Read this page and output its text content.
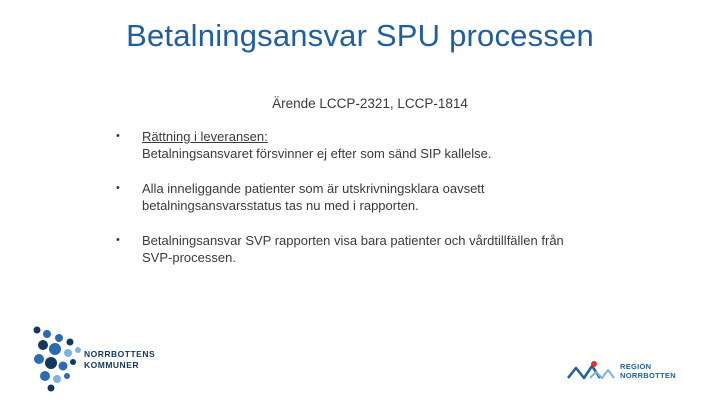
Betalningsansvar SPU processen
Ärende LCCP-2321, LCCP-1814
•	Rättning i leveransen:
Betalningsansvaret försvinner ej efter som sänd SIP kallelse.
•	Alla inneliggande patienter som är utskrivningsklara oavsett
betalningsansvarsstatus tas nu med i rapporten.
•	Betalningsansvar SVP rapporten visa bara patienter och vårdtillfällen från
SVP-processen.
NORRBOTTENS
KOMMUNER	REGION
NORRBOTTEN
